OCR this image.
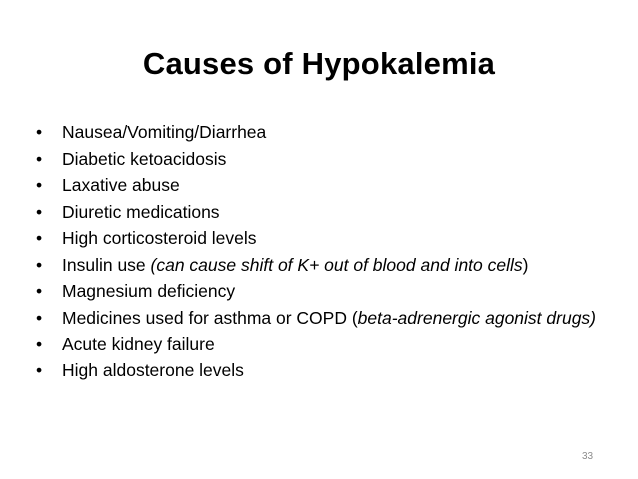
Causes of Hypokalemia
•	Nausea/Vomiting/Diarrhea
•	Diabetic ketoacidosis
•	Laxative abuse
•	Diuretic medications
•	High corticosteroid levels
•	Insulin use (can cause shift of K+ out of blood and into cells)
•	Magnesium deficiency
•	Medicines used for asthma or COPD (beta-adrenergic agonist drugs)
•	Acute kidney failure
•	High aldosterone levels
33
